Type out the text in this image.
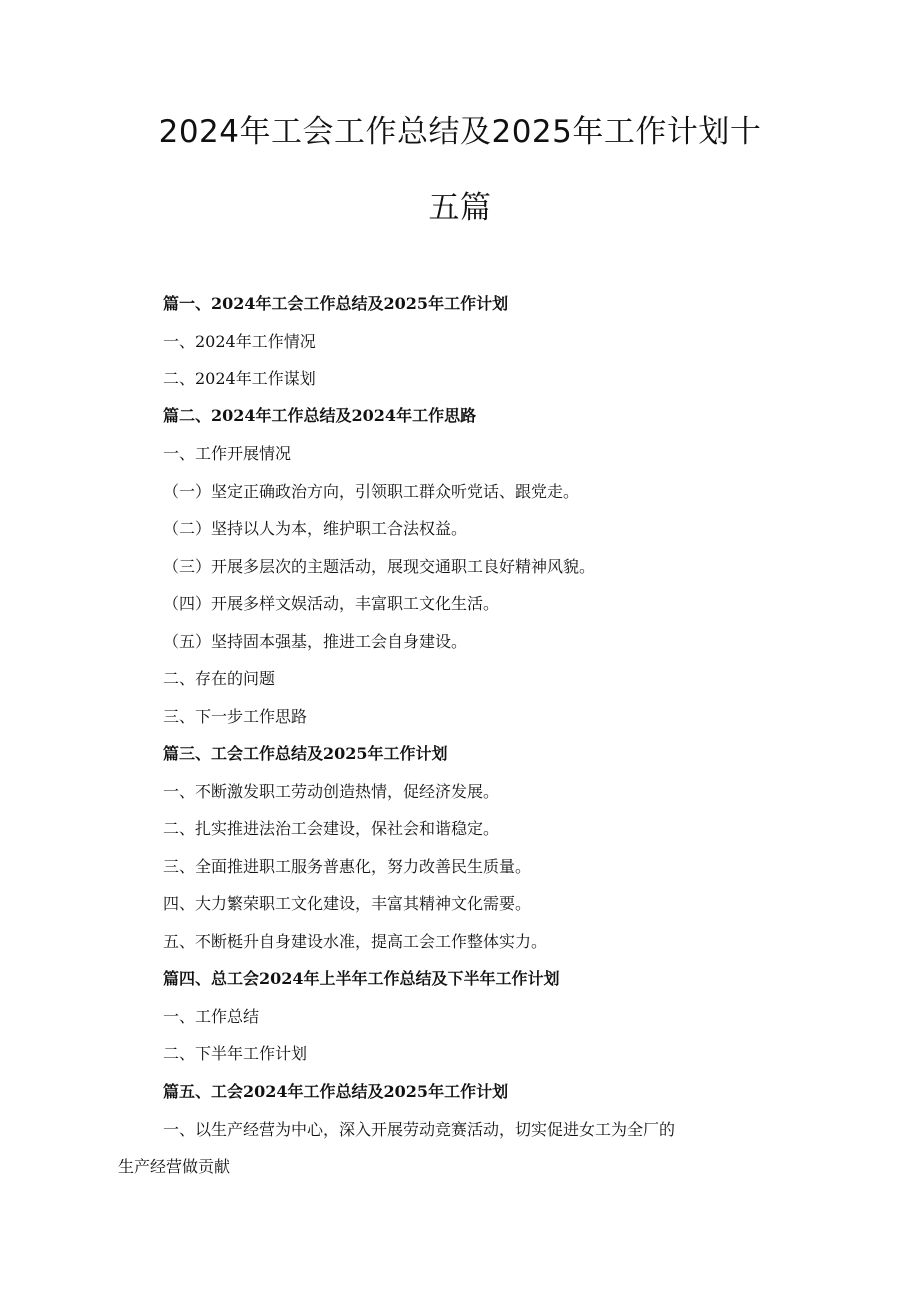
2024年工会工作总结及2025年工作计划十
五篇

篇一、2024年工会工作总结及2025年工作计划

一、2024年工作情况

二、2024年工作谋划

篇二、2024年工作总结及2024年工作思路

一、工作开展情况

（一）坚定正确政治方向，引领职工群众听党话、跟党走。

（二）坚持以人为本，维护职工合法权益。

（三）开展多层次的主题活动，展现交通职工良好精神风貌。

（四）开展多样文娱活动，丰富职工文化生活。

（五）坚持固本强基，推进工会自身建设。

二、存在的问题

三、下一步工作思路

篇三、工会工作总结及2025年工作计划

一、不断激发职工劳动创造热情，促经济发展。

二、扎实推进法治工会建设，保社会和谐稳定。

三、全面推进职工服务普惠化，努力改善民生质量。

四、大力繁荣职工文化建设，丰富其精神文化需要。

五、不断梃升自身建设水准，提高工会工作整体实力。

篇四、总工会2024年上半年工作总结及下半年工作计划

一、工作总结

二、下半年工作计划

篇五、工会2024年工作总结及2025年工作计划

一、以生产经营为中心，深入开展劳动竞赛活动，切实促进女工为全厂的

生产经营做贡献
